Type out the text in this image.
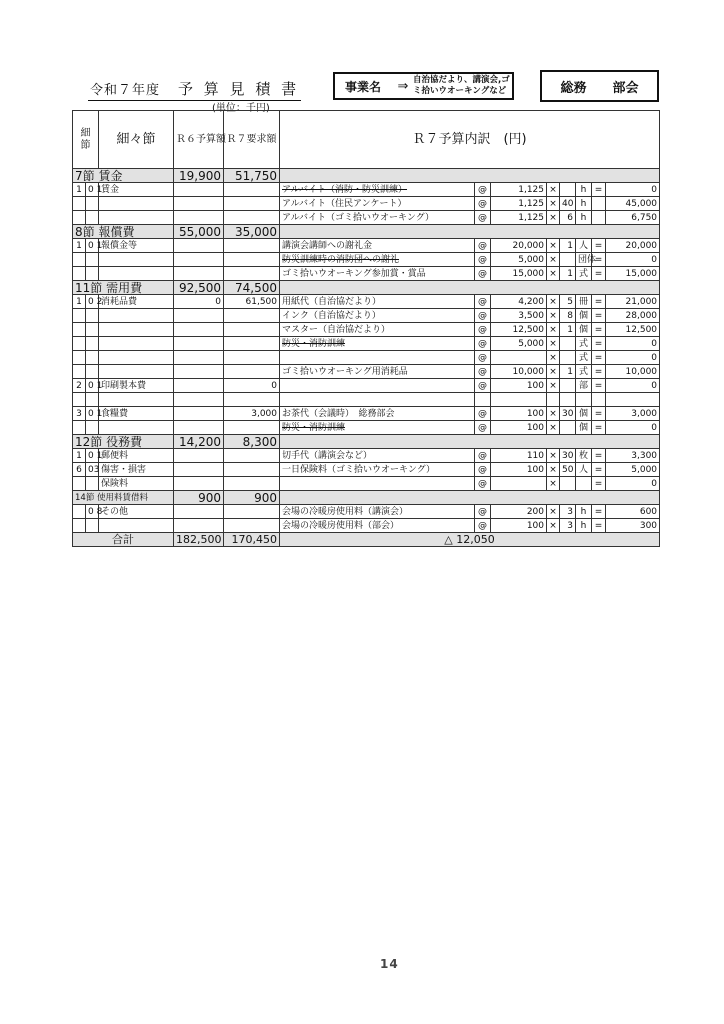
令和７年度 予 算 見 積 書
(単位：千円)
事業名	⇒ 自治協だより、講演会,ゴ
ミ拾いウオーキングなど	総務 部会
細
節		細々節	Ｒ６予算額	Ｒ７要求額	Ｒ７予算内訳　(円)							
7節 賃金			19,900	51,750								
1	0 1	賃金			アルバイト（消防・防災訓練）	@	1,125	×		h	=	0
					アルバイト（住民アンケート）	@	1,125	×	40	h		45,000
					アルバイト（ゴミ拾いウオーキング）	@	1,125	×	6	h		6,750
8節 報償費			55,000	35,000								
1	0 1	報償金等			講演会講師への謝礼金	@	20,000	×	1	人	=	20,000
					防災訓練時の消防団への謝礼	@	5,000	×		団体	=	0
					ゴミ拾いウオーキング参加賞・賞品	@	15,000	×	1	式	=	15,000
11節 需用費			92,500	74,500								
1	0 2	消耗品費	0	61,500	用紙代（自治協だより）	@	4,200	×	5	冊	=	21,000
					インク（自治協だより）	@	3,500	×	8	個	=	28,000
					マスター（自治協だより）	@	12,500	×	1	個	=	12,500
					防災・消防訓練	@	5,000	×		式	=	0
						@		×		式	=	0
					ゴミ拾いウオーキング用消耗品	@	10,000	×	1	式	=	10,000
2	0 1	印刷製本費		0		@	100	×		部	=	0

3	0 1	食糧費		3,000	お茶代（会議時）　総務部会	@	100	×	30	個	=	3,000
					防災・消防訓練	@	100	×		個	=	0
12節 役務費			14,200	8,300								
1	0 1	郵便料			切手代（講演会など）	@	110	×	30	枚	=	3,300
6	03	傷害・損害			一日保険料（ゴミ拾いウオーキング）	@	100	×	50	人	=	5,000
		保険料				@		×			=	0
14節 使用料賃借料			900	900								
	0 8	その他			会場の冷暖房使用料（講演会）	@	200	×	3	h	=	600
					会場の冷暖房使用料（部会）	@	100	×	3	h	=	300
合計			182,500	170,450	△ 12,050							
14
